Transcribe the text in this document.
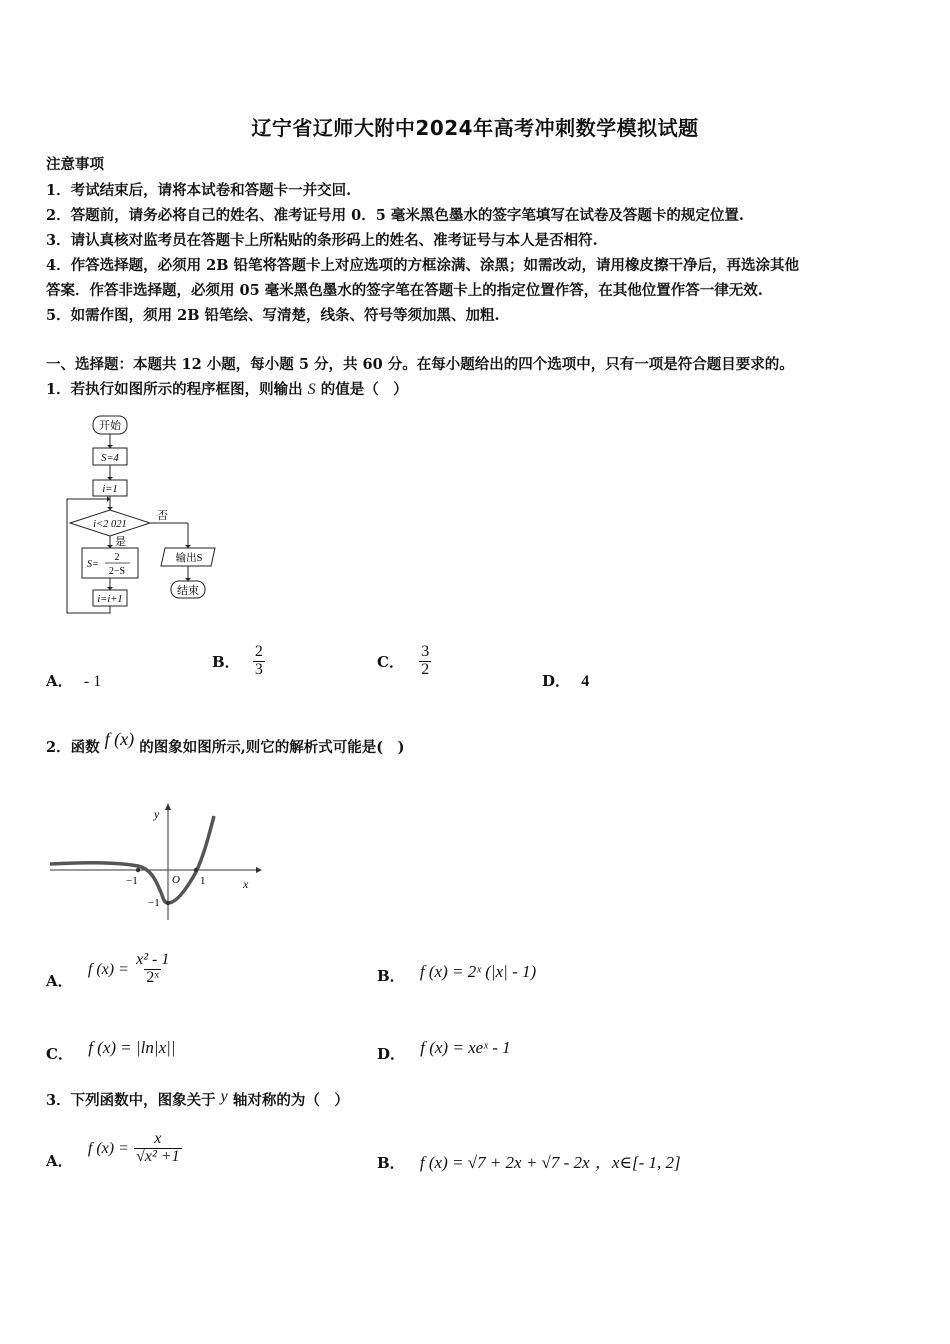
辽宁省辽师大附中2024年高考冲刺数学模拟试题
注意事项
1．考试结束后，请将本试卷和答题卡一并交回.
2．答题前，请务必将自己的姓名、准考证号用 0．5 毫米黑色墨水的签字笔填写在试卷及答题卡的规定位置.
3．请认真核对监考员在答题卡上所粘贴的条形码上的姓名、准考证号与本人是否相符.
4．作答选择题，必须用 2B 铅笔将答题卡上对应选项的方框涂满、涂黑；如需改动，请用橡皮擦干净后，再选涂其他
答案．作答非选择题，必须用 05 毫米黑色墨水的签字笔在答题卡上的指定位置作答，在其他位置作答一律无效.
5．如需作图，须用 2B 铅笔绘、写清楚，线条、符号等须加黑、加粗.
一、选择题：本题共 12 小题，每小题 5 分，共 60 分。在每小题给出的四个选项中，只有一项是符合题目要求的。
1．若执行如图所示的程序框图，则输出 S 的值是（　）
开始
S=4
i=1
i<2 021
否
是
S=
2
2−S
i=i+1
输出S
结束
A． - 1
B． $\frac{2}{3}$	C． $\frac{3}{2}$
D． 4
2．函数 f (x) 的图象如图所示,则它的解析式可能是(　)
y
x
O
−1	1
−1
A． f $(x) = \frac{\text{x² - 1}}{\text{2ˣ}}$	B． f (x) = 2ˣ (|x| - 1)
C． f (x) = |ln|x||	D． f (x) = xeˣ - 1
3．下列函数中，图象关于 y 轴对称的为（　）
A． f $(x) = \frac{x}{\text{√x² +1}}$	B． f (x) = √7 + 2x + √7 - 2x ，x∈[- 1, 2]
